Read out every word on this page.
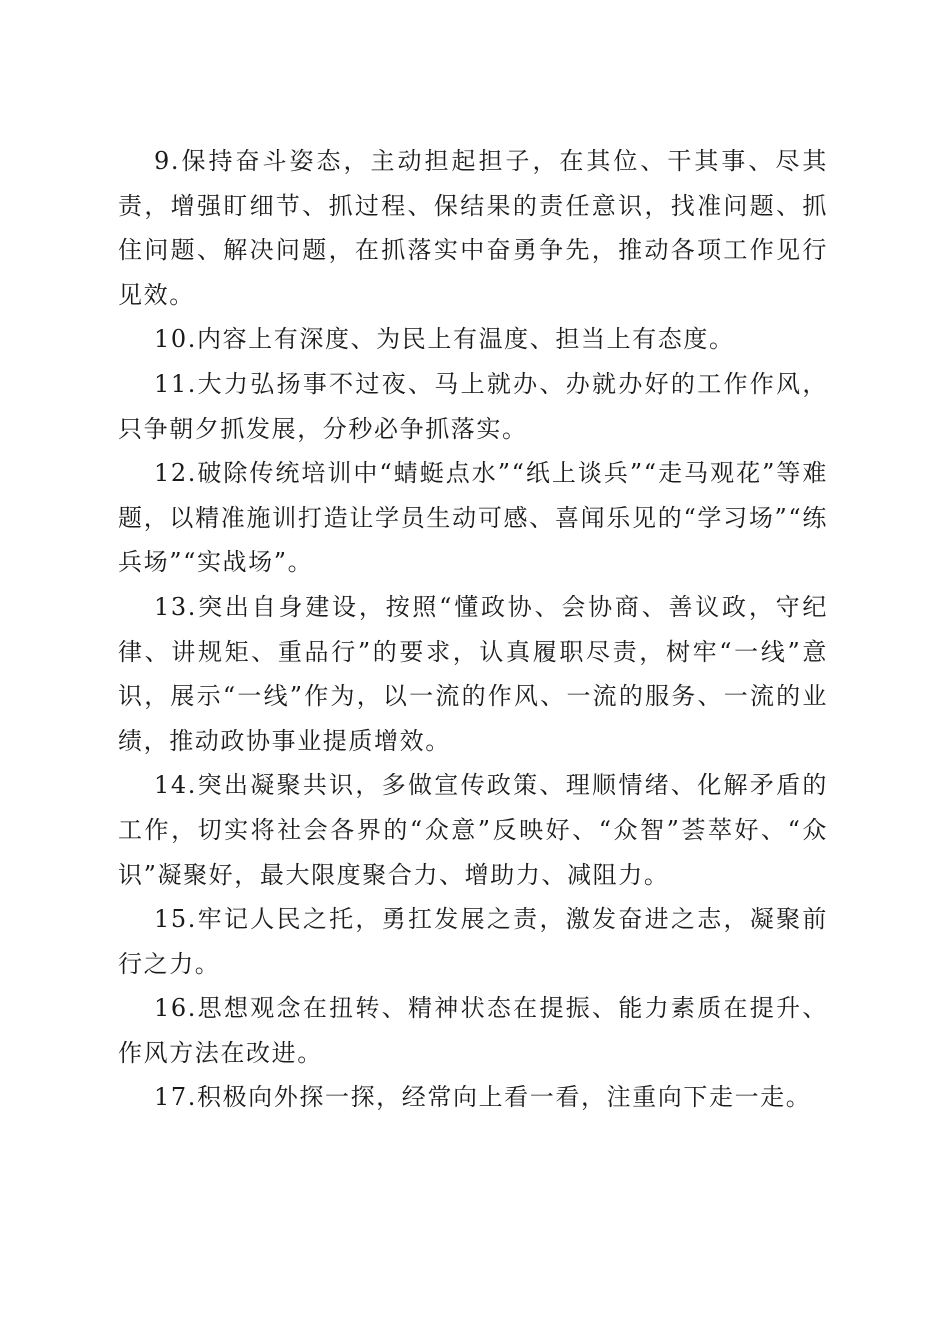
9.保持奋斗姿态，主动担起担子，在其位、干其事、尽其责，增强盯细节、抓过程、保结果的责任意识，找准问题、抓住问题、解决问题，在抓落实中奋勇争先，推动各项工作见行见效。

10.内容上有深度、为民上有温度、担当上有态度。

11.大力弘扬事不过夜、马上就办、办就办好的工作作风，只争朝夕抓发展，分秒必争抓落实。

12.破除传统培训中“蜻蜓点水”“纸上谈兵”“走马观花”等难题，以精准施训打造让学员生动可感、喜闻乐见的“学习场”“练兵场”“实战场”。

13.突出自身建设，按照“懂政协、会协商、善议政，守纪律、讲规矩、重品行”的要求，认真履职尽责，树牢“一线”意识，展示“一线”作为，以一流的作风、一流的服务、一流的业绩，推动政协事业提质增效。

14.突出凝聚共识，多做宣传政策、理顺情绪、化解矛盾的工作，切实将社会各界的“众意”反映好、“众智”荟萃好、“众识”凝聚好，最大限度聚合力、增助力、减阻力。

15.牢记人民之托，勇扛发展之责，激发奋进之志，凝聚前行之力。

16.思想观念在扭转、精神状态在提振、能力素质在提升、作风方法在改进。

17.积极向外探一探，经常向上看一看，注重向下走一走。
